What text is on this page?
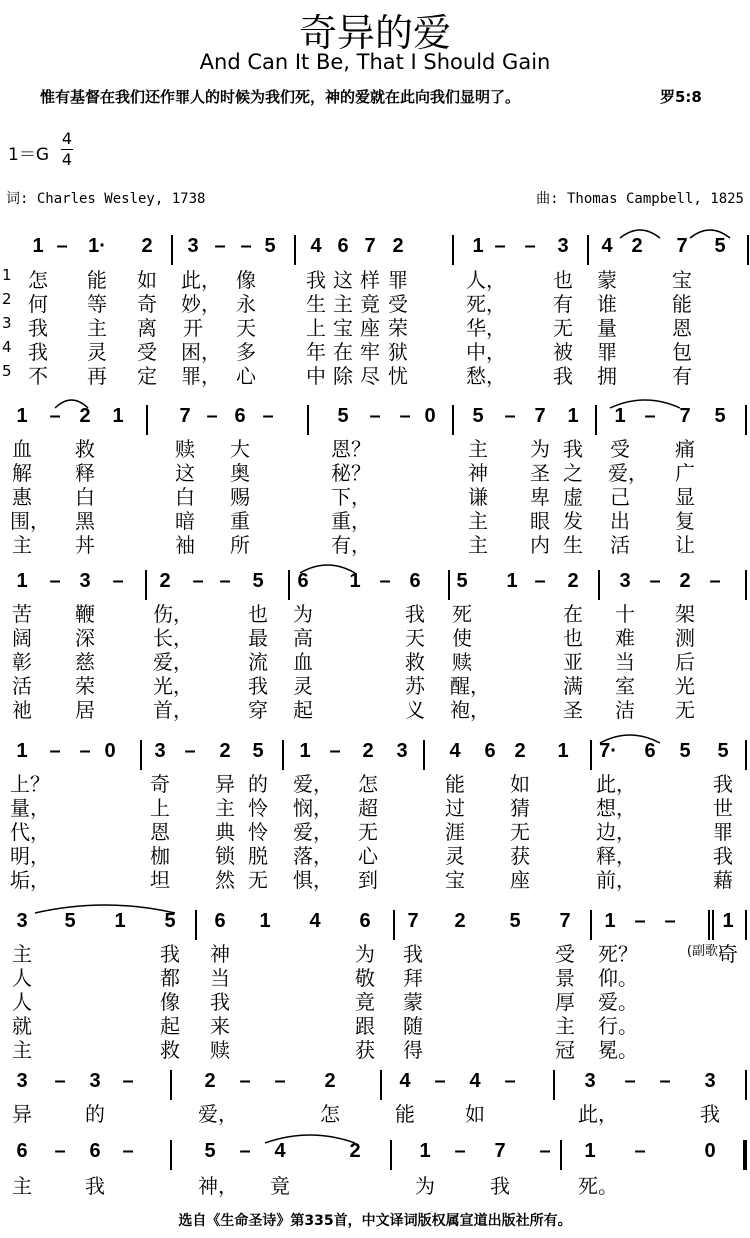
奇异的爱
And Can It Be, That I Should Gain
惟有基督在我们还作罪人的时候为我们死，神的爱就在此向我们显明了。	罗5:8
1＝G
4
4
词: Charles Wesley, 1738	曲: Thomas Campbell, 1825
1 –	1·	2	3 – – 5	4 6 7 2	1 – –	3	4 2	7	5
1 怎 能 如 此， 像	我 这 样 罪	人， 也 蒙	宝
2 何 等 奇 妙， 永	生 主 竟 受	死， 有 谁	能
3 我 主 离 开 天	上 宝 座 荣	华， 无 量	恩
4 我 灵 受 困， 多	年 在 牢 狱	中， 被 罪	包
5 不 再 定 罪， 心	中 除 尽 忧	愁， 我 拥	有
1	– 2	1	7 – 6 –	5	– – 0	5	– 7	1	1 –	7	5
血 救	赎 大	恩？	主 为 我 受 痛
解 释	这 奥	秘？	神 圣 之 爱， 广
惠 白	白 赐	下，	谦 卑 虚 己 显
围， 黑	暗 重	重，	主 眼 发 出 复
主 丼	袖 所	有，	主 内 生 活 让
1	– 3	–	2	– –	5	6	1 – 6	5	1 –	2	3 – 2 –
苦 鞭	伤，	也 为	我 死	在 十 架
阔 深	长，	最 高	天 使	也 难 测
彰 慈	爱，	流 血	救 赎	亚 当 后
活 荣	光，	我 灵	苏 醒，	满 室 光
祂 居	首，	穿 起	义 袍，	圣 洁 无
1	– – 0	3 –	2	5	1 –	2	3	4	6 2	1	7·	6	5	5
上？	奇 异 的 爱， 怎	能 如	此，	我
量，	上 主 怜 悯， 超	过 猜	想，	世
代，	恩 典 怜 爱， 无	涯 无	边，	罪
明，	枷 锁 脱 落， 心	灵 获	释，	我
垢，	坦 然 无 惧， 到	宝 座	前，	藉
3	5	1	5	6	1	4	6	7	2	5	7	1 – –	1
主	我 神	为 我	受 死？	奇
人	都 当	敬 拜	景 仰。
人	像 我	竟 蒙	厚 爱。
就	起 来	跟 随	主 行。
主	救 赎	获 得	冠 冕。
(副歌)
3	–	3	–	2	–	–	2	4	–	4	–	3	–	–	3
异	的	爱，	怎	能	如	此，	我
6	–	6	–	5	–	4	2	1	–	7	–	1	–	0
主	我	神， 竟	为	我	死。
选自《生命圣诗》第335首，中文译词版权属宣道出版社所有。
